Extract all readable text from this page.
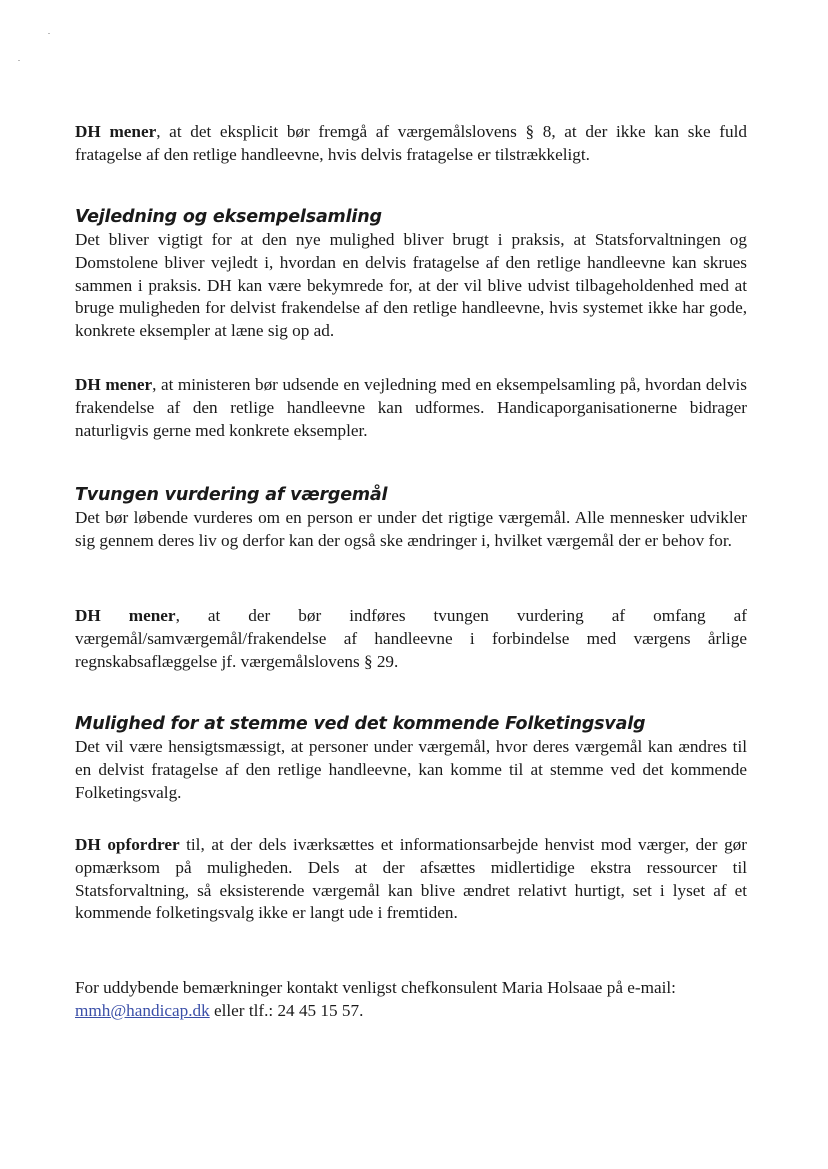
DH mener, at det eksplicit bør fremgå af værgemålslovens § 8, at der ikke kan ske fuld fratagelse af den retlige handleevne, hvis delvis fratagelse er tilstrækkeligt.

Vejledning og eksempelsamling

Det bliver vigtigt for at den nye mulighed bliver brugt i praksis, at Statsforvaltningen og Domstolene bliver vejledt i, hvordan en delvis fratagelse af den retlige handleevne kan skrues sammen i praksis. DH kan være bekymrede for, at der vil blive udvist tilbageholdenhed med at bruge muligheden for delvist frakendelse af den retlige handleevne, hvis systemet ikke har gode, konkrete eksempler at læne sig op ad.

DH mener, at ministeren bør udsende en vejledning med en eksempelsamling på, hvordan delvis frakendelse af den retlige handleevne kan udformes. Handicaporganisationerne bidrager naturligvis gerne med konkrete eksempler.

Tvungen vurdering af værgemål

Det bør løbende vurderes om en person er under det rigtige værgemål. Alle mennesker udvikler sig gennem deres liv og derfor kan der også ske ændringer i, hvilket værgemål der er behov for.

DH mener, at der bør indføres tvungen vurdering af omfang af værgemål/samværgemål/frakendelse af handleevne i forbindelse med værgens årlige regnskabsaflæggelse jf. værgemålslovens § 29.

Mulighed for at stemme ved det kommende Folketingsvalg

Det vil være hensigtsmæssigt, at personer under værgemål, hvor deres værgemål kan ændres til en delvist fratagelse af den retlige handleevne, kan komme til at stemme ved det kommende Folketingsvalg.

DH opfordrer til, at der dels iværksættes et informationsarbejde henvist mod værger, der gør opmærksom på muligheden. Dels at der afsættes midlertidige ekstra ressourcer til Statsforvaltning, så eksisterende værgemål kan blive ændret relativt hurtigt, set i lyset af et kommende folketingsvalg ikke er langt ude i fremtiden.

For uddybende bemærkninger kontakt venligst chefkonsulent Maria Holsaae på e-mail:

mmh@handicap.dk eller tlf.: 24 45 15 57.
